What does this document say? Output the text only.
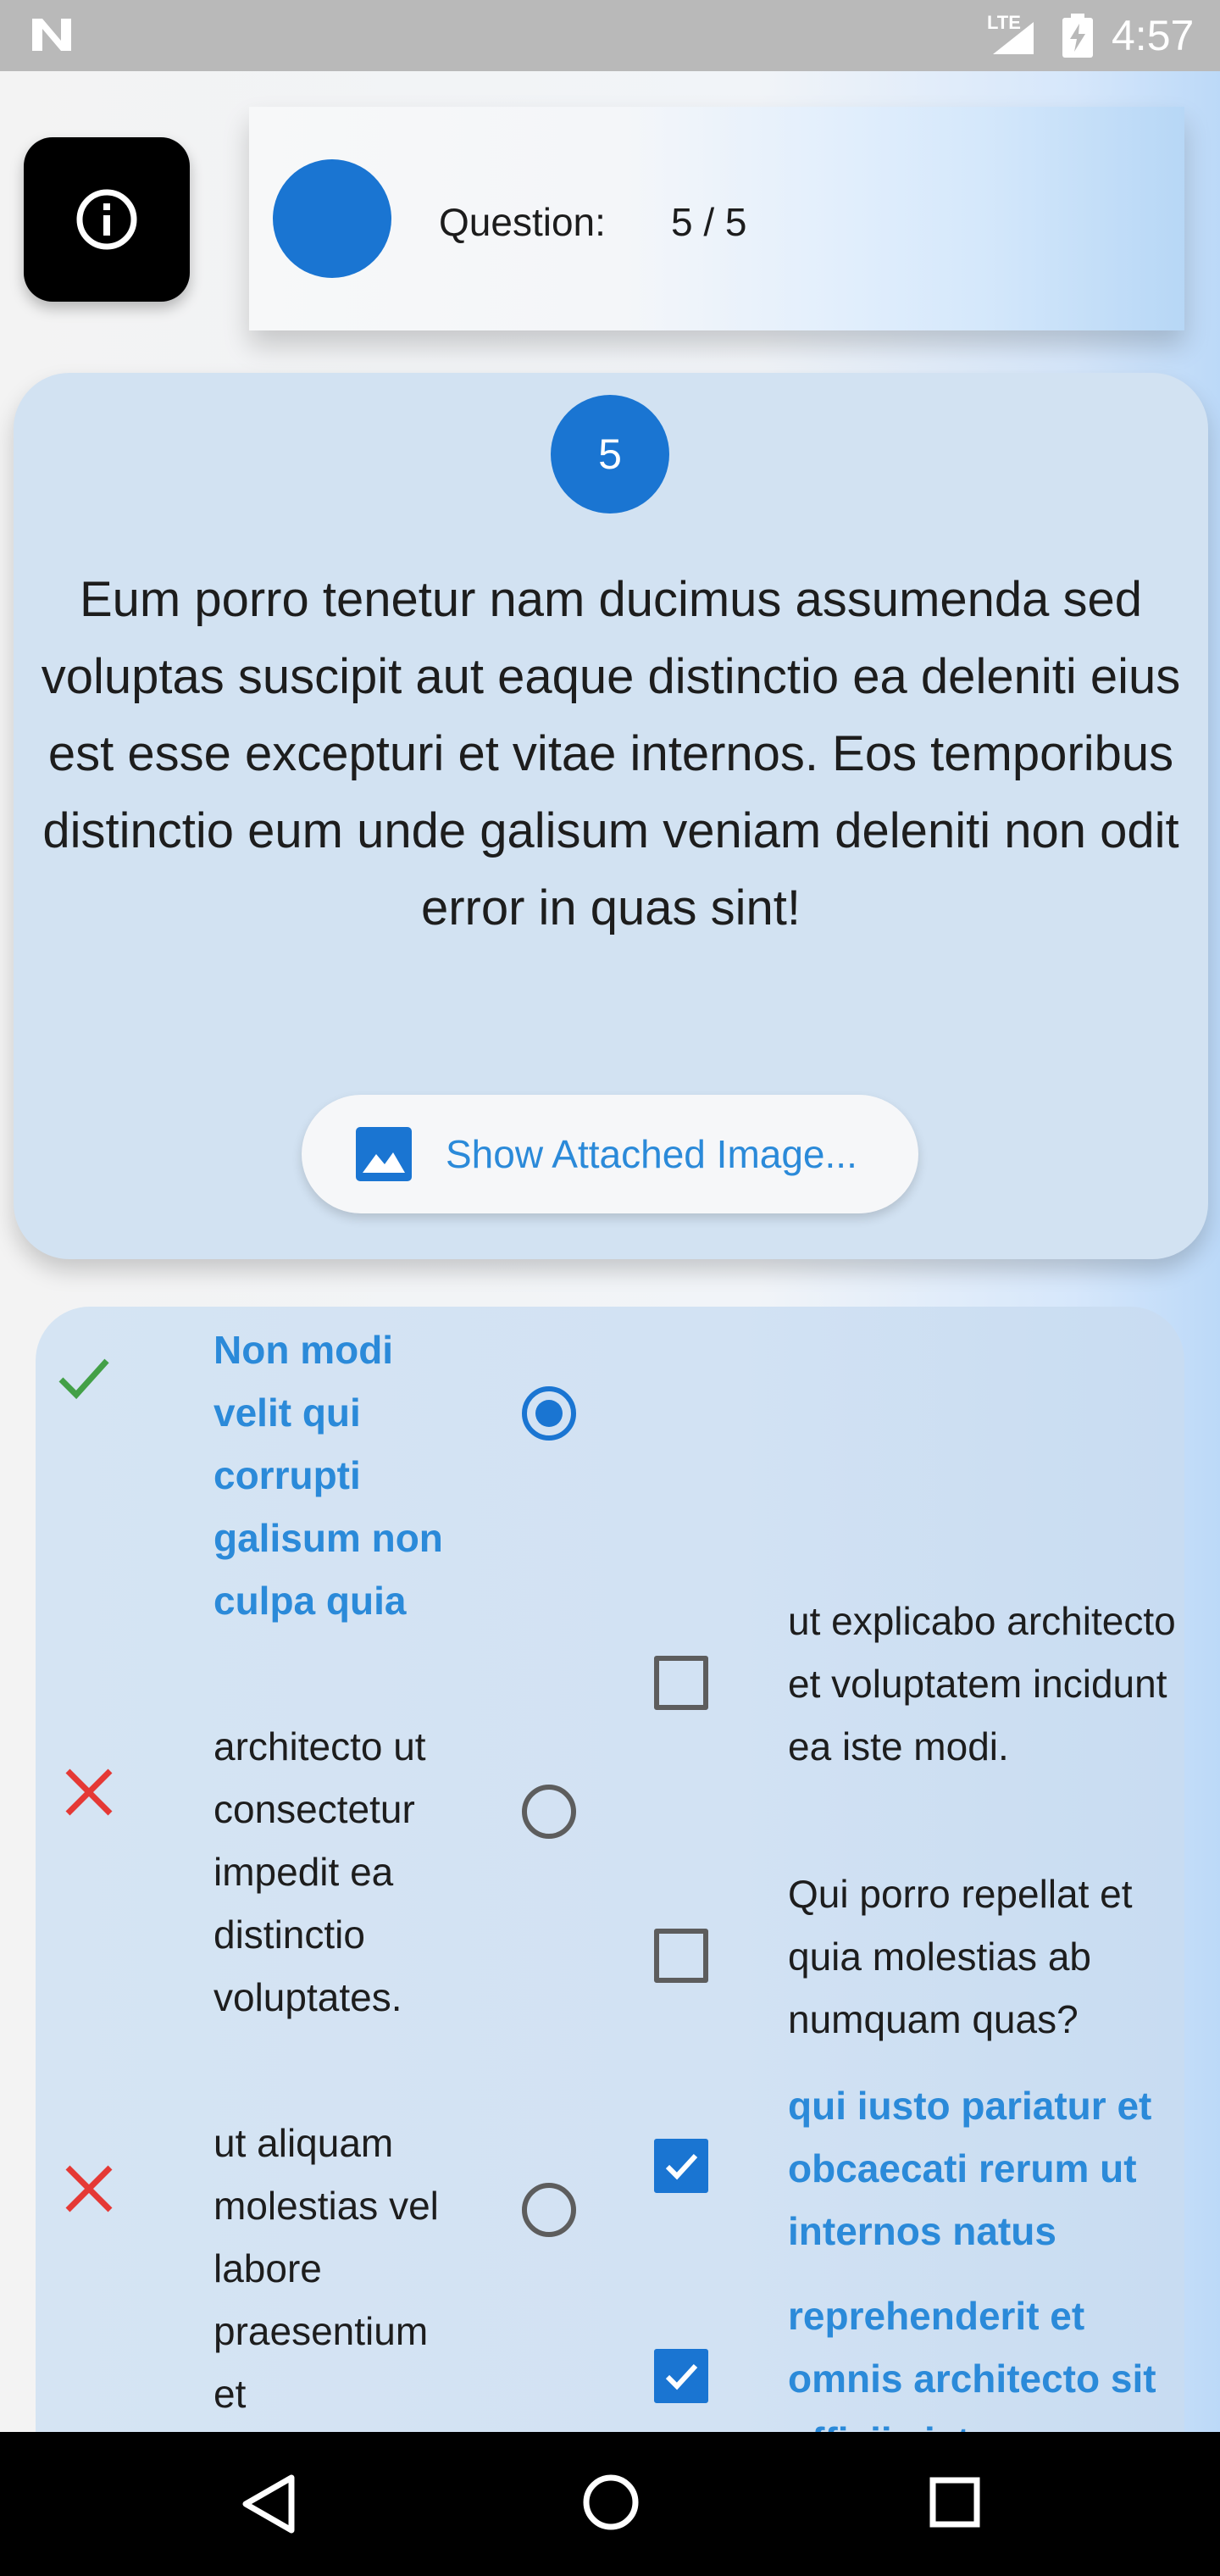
LTE 4:57
Question: 5 / 5
5
Eum porro tenetur nam ducimus assumenda sed voluptas suscipit aut eaque distinctio ea deleniti eius est esse excepturi et vitae internos. Eos temporibus distinctio eum unde galisum veniam deleniti non odit error in quas sint!
Show Attached Image...
Non modi velit qui corrupti galisum non culpa quia
architecto ut consectetur impedit ea distinctio voluptates.
ut aliquam molestias vel labore praesentium et
ut explicabo architecto et voluptatem incidunt ea iste modi.
Qui porro repellat et quia molestias ab numquam quas?
qui iusto pariatur et obcaecati rerum ut internos natus
reprehenderit et omnis architecto sit
